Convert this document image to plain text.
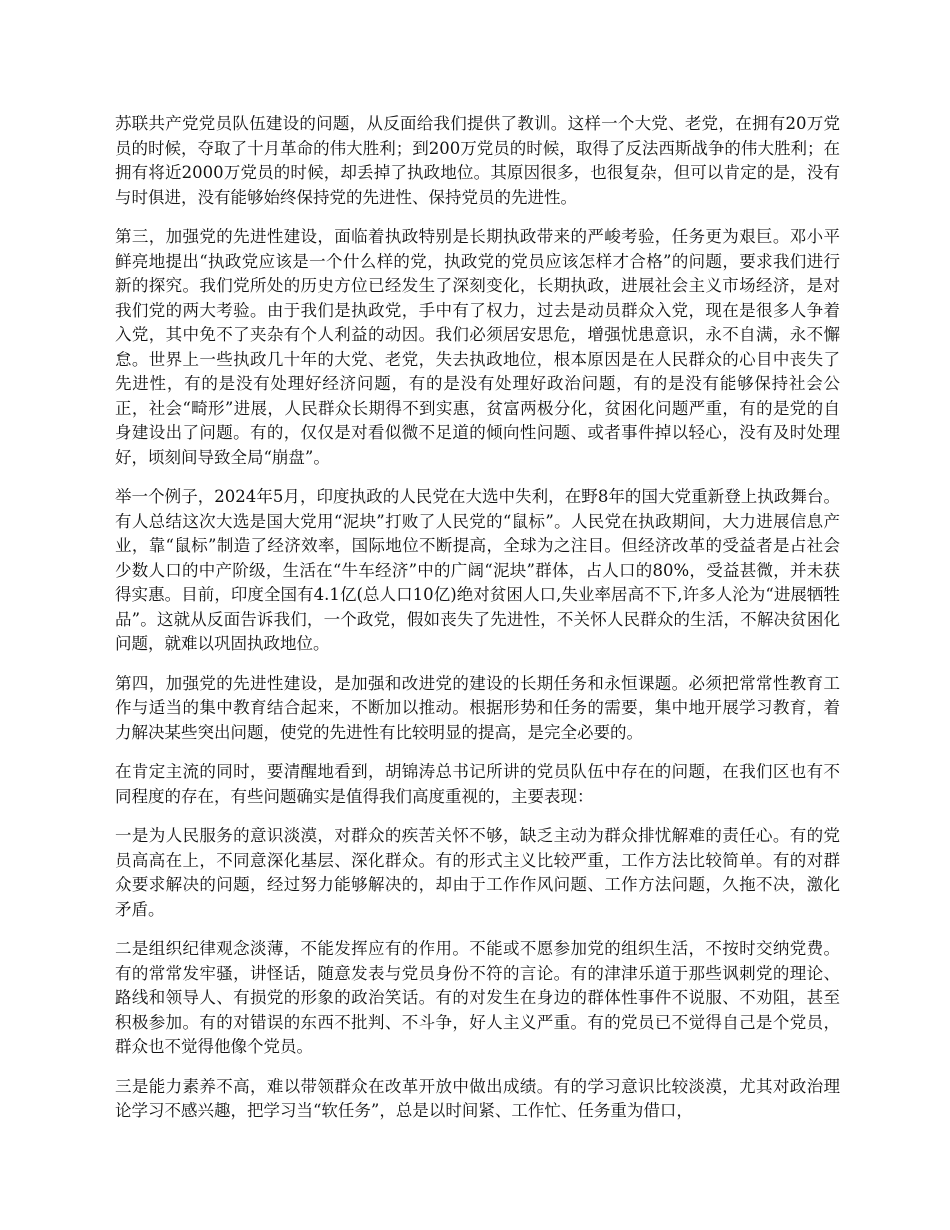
苏联共产党党员队伍建设的问题，从反面给我们提供了教训。这样一个大党、老党，在拥有20万党员的时候，夺取了十月革命的伟大胜利；到200万党员的时候，取得了反法西斯战争的伟大胜利；在拥有将近2000万党员的时候，却丢掉了执政地位。其原因很多，也很复杂，但可以肯定的是，没有与时俱进，没有能够始终保持党的先进性、保持党员的先进性。

第三，加强党的先进性建设，面临着执政特别是长期执政带来的严峻考验，任务更为艰巨。邓小平鲜亮地提出“执政党应该是一个什么样的党，执政党的党员应该怎样才合格”的问题，要求我们进行新的探究。我们党所处的历史方位已经发生了深刻变化，长期执政，进展社会主义市场经济，是对我们党的两大考验。由于我们是执政党，手中有了权力，过去是动员群众入党，现在是很多人争着入党，其中免不了夹杂有个人利益的动因。我们必须居安思危，增强忧患意识，永不自满，永不懈怠。世界上一些执政几十年的大党、老党，失去执政地位，根本原因是在人民群众的心目中丧失了先进性，有的是没有处理好经济问题，有的是没有处理好政治问题，有的是没有能够保持社会公正，社会“畸形”进展，人民群众长期得不到实惠，贫富两极分化，贫困化问题严重，有的是党的自身建设出了问题。有的，仅仅是对看似微不足道的倾向性问题、或者事件掉以轻心，没有及时处理好，顷刻间导致全局“崩盘”。

举一个例子，2024年5月，印度执政的人民党在大选中失利，在野8年的国大党重新登上执政舞台。有人总结这次大选是国大党用“泥块”打败了人民党的“鼠标”。人民党在执政期间，大力进展信息产业，靠“鼠标”制造了经济效率，国际地位不断提高，全球为之注目。但经济改革的受益者是占社会少数人口的中产阶级，生活在“牛车经济”中的广阔“泥块”群体，占人口的80%，受益甚微，并未获得实惠。目前，印度全国有4.1亿(总人口10亿)绝对贫困人口,失业率居高不下,许多人沦为“进展牺牲品”。这就从反面告诉我们，一个政党，假如丧失了先进性，不关怀人民群众的生活，不解决贫困化问题，就难以巩固执政地位。

第四，加强党的先进性建设，是加强和改进党的建设的长期任务和永恒课题。必须把常常性教育工作与适当的集中教育结合起来，不断加以推动。根据形势和任务的需要，集中地开展学习教育，着力解决某些突出问题，使党的先进性有比较明显的提高，是完全必要的。

在肯定主流的同时，要清醒地看到，胡锦涛总书记所讲的党员队伍中存在的问题，在我们区也有不同程度的存在，有些问题确实是值得我们高度重视的，主要表现：

一是为人民服务的意识淡漠，对群众的疾苦关怀不够，缺乏主动为群众排忧解难的责任心。有的党员高高在上，不同意深化基层、深化群众。有的形式主义比较严重，工作方法比较简单。有的对群众要求解决的问题，经过努力能够解决的，却由于工作作风问题、工作方法问题，久拖不决，激化矛盾。

二是组织纪律观念淡薄，不能发挥应有的作用。不能或不愿参加党的组织生活，不按时交纳党费。有的常常发牢骚，讲怪话，随意发表与党员身份不符的言论。有的津津乐道于那些讽刺党的理论、路线和领导人、有损党的形象的政治笑话。有的对发生在身边的群体性事件不说服、不劝阻，甚至积极参加。有的对错误的东西不批判、不斗争，好人主义严重。有的党员已不觉得自己是个党员，群众也不觉得他像个党员。

三是能力素养不高，难以带领群众在改革开放中做出成绩。有的学习意识比较淡漠，尤其对政治理论学习不感兴趣，把学习当“软任务”，总是以时间紧、工作忙、任务重为借口，
